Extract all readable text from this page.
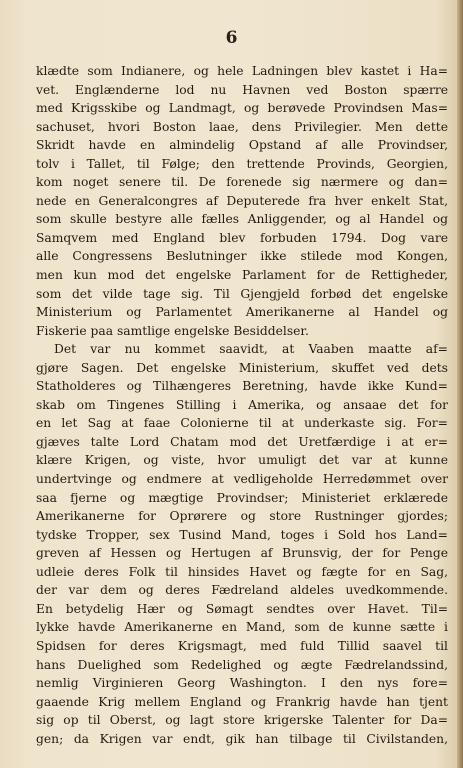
6
klædte som Indianere, og hele Ladningen blev kastet i Ha=
vet. Englænderne lod nu Havnen ved Boston spærre
med Krigsskibe og Landmagt, og berøvede Provindsen Mas=
sachuset, hvori Boston laae, dens Privilegier. Men dette
Skridt havde en almindelig Opstand af alle Provindser,
tolv i Tallet, til Følge; den trettende Provinds, Georgien,
kom noget senere til. De forenede sig nærmere og dan=
nede en Generalcongres af Deputerede fra hver enkelt Stat,
som skulle bestyre alle fælles Anliggender, og al Handel og
Samqvem med England blev forbuden 1794. Dog vare
alle Congressens Beslutninger ikke stilede mod Kongen,
men kun mod det engelske Parlament for de Rettigheder,
som det vilde tage sig. Til Gjengjeld forbød det engelske
Ministerium og Parlamentet Amerikanerne al Handel og
Fiskerie paa samtlige engelske Besiddelser.
Det var nu kommet saavidt, at Vaaben maatte af=
gjøre Sagen. Det engelske Ministerium, skuffet ved dets
Statholderes og Tilhængeres Beretning, havde ikke Kund=
skab om Tingenes Stilling i Amerika, og ansaae det for
en let Sag at faae Colonierne til at underkaste sig. For=
gjæves talte Lord Chatam mod det Uretfærdige i at er=
klære Krigen, og viste, hvor umuligt det var at kunne
undertvinge og endmere at vedligeholde Herredømmet over
saa fjerne og mægtige Provindser; Ministeriet erklærede
Amerikanerne for Oprørere og store Rustninger gjordes;
tydske Tropper, sex Tusind Mand, toges i Sold hos Land=
greven af Hessen og Hertugen af Brunsvig, der for Penge
udleie deres Folk til hinsides Havet og fægte for en Sag,
der var dem og deres Fædreland aldeles uvedkommende.
En betydelig Hær og Sømagt sendtes over Havet. Til=
lykke havde Amerikanerne en Mand, som de kunne sætte i
Spidsen for deres Krigsmagt, med fuld Tillid saavel til
hans Duelighed som Redelighed og ægte Fædrelandssind,
nemlig Virginieren Georg Washington. I den nys fore=
gaaende Krig mellem England og Frankrig havde han tjent
sig op til Oberst, og lagt store krigerske Talenter for Da=
gen; da Krigen var endt, gik han tilbage til Civilstanden,
